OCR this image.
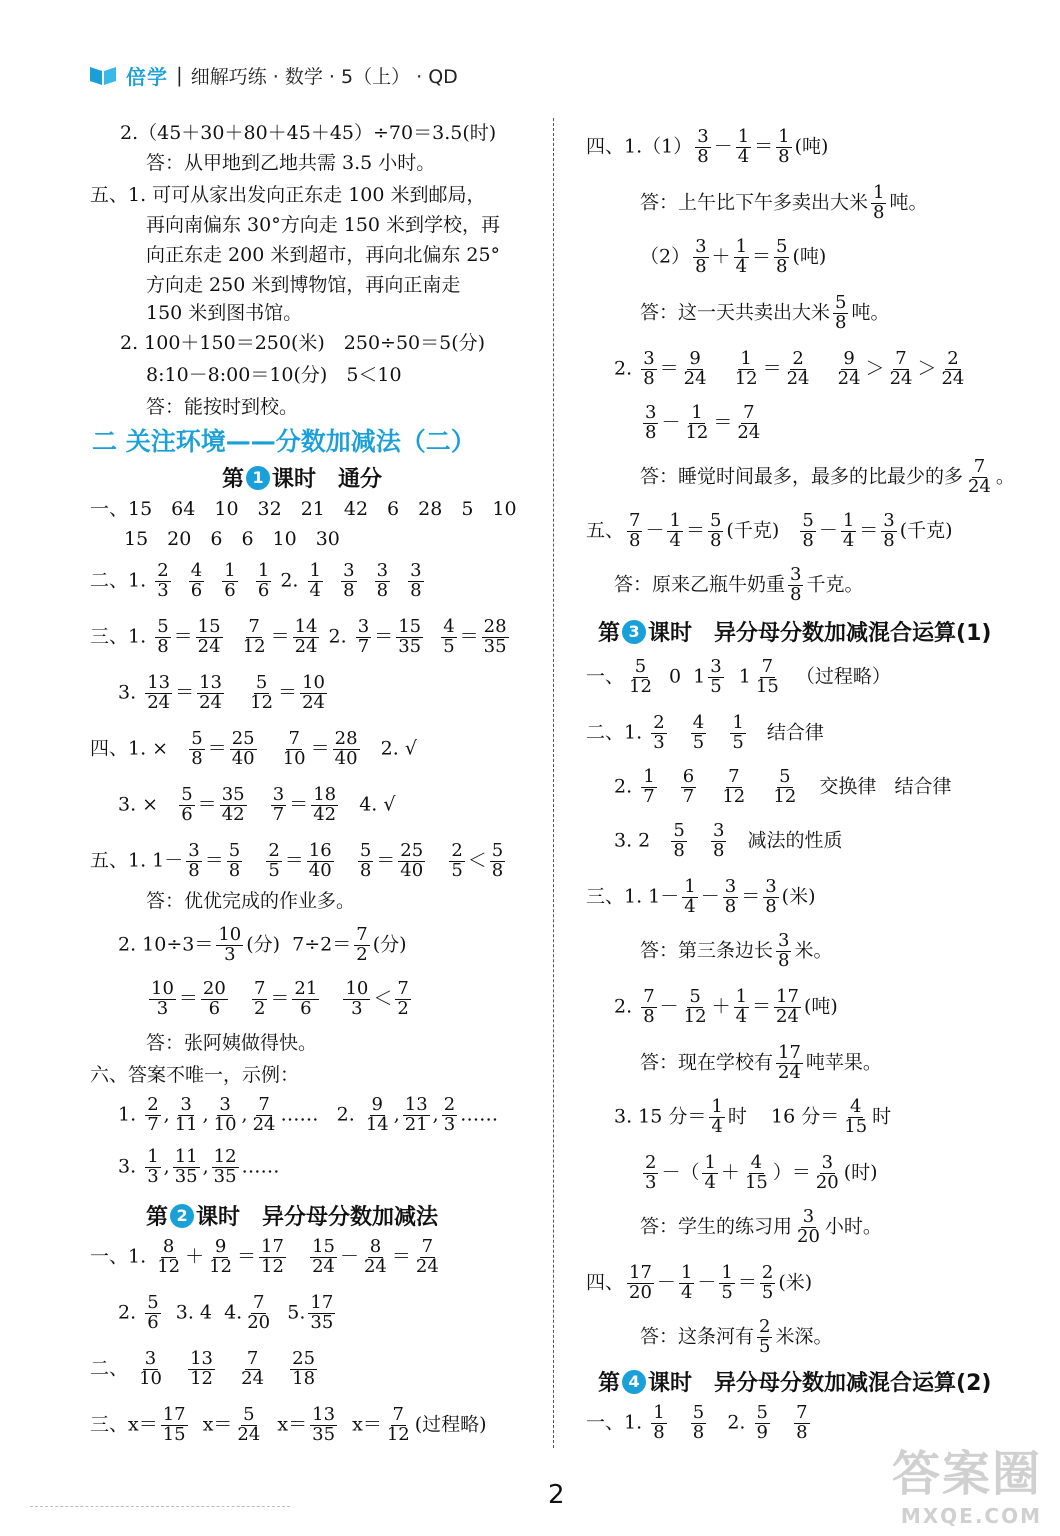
倍学 | 细解巧练 · 数学 · 5（上） · QD
2.（45＋30＋80＋45＋45）÷70＝3.5(时)
答：从甲地到乙地共需 3.5 小时。
五、1. 可可从家出发向正东走 100 米到邮局，
再向南偏东 30°方向走 150 米到学校，再
向正东走 200 米到超市，再向北偏东 25°
方向走 250 米到博物馆，再向正南走
150 米到图书馆。
2. 100＋150＝250(米)　250÷50＝5(分)
8:10－8:00＝10(分)　5＜10
答：能按时到校。
二 关注环境——分数加减法（二）
第 1 课时　通分
一、15　64　10　32　21　42　6　28　5　10
15　20　6　6　10　30
二、1. $\frac{2}{3}$
$\frac{4}{6}$
$\frac{1}{6}$
$\frac{1}{6} 2$. $\frac{1}{4}$
$\frac{3}{8}$
$\frac{3}{8}$
$\frac{3}{8}$
三、1. $\frac{5}{8} = \frac{15}{24}$
$\frac{7}{12} = \frac{14}{24} 2$. $\frac{3}{7} = \frac{15}{35}$
$\frac{4}{5} = \frac{28}{35}$
3. $\frac{13}{24} = \frac{13}{24}$
$\frac{5}{12} = \frac{10}{24}$
四、1. × $\frac{5}{8} = \frac{25}{40}$
$\frac{7}{10} = \frac{28}{40} 2$. √
3. × $\frac{5}{6} = \frac{35}{42}$
$\frac{3}{7} = \frac{18}{42} 4$. √
五、1. $1- \frac{3}{8} = \frac{5}{8}$
$\frac{2}{5} = \frac{16}{40}$
$\frac{5}{8} = \frac{25}{40}$
$\frac{2}{5} < \frac{5}{8}$
答：优优完成的作业多。
2. $10\div 3= \frac{10}{3}$ (分)  $7\div 2= \frac{7}{2}$ (分)
$\frac{10}{3} = \frac{20}{6}$
$\frac{7}{2} = \frac{21}{6}$
$\frac{10}{3} < \frac{7}{2}$
答：张阿姨做得快。
六、答案不唯一，示例：
1. $\frac{2}{7}$ , $\frac{3}{11}$ , $\frac{3}{10}$ , $\frac{7}{24}$ …… 2. $\frac{9}{14}$ , $\frac{13}{21}$ , $\frac{2}{3}$ ……
3. $\frac{1}{3}$ , $\frac{11}{35}$ , $\frac{12}{35}$ ……
第 2 课时　异分母分数加减法
一、1. $\frac{8}{12} + \frac{9}{12} = \frac{17}{12}$
$\frac{15}{24} - \frac{8}{24} = \frac{7}{24}$
2. $\frac{5}{6} 3$. 4 4. $\frac{7}{20} 5$. $\frac{17}{35}$
二、 $\frac{3}{10}$
$\frac{13}{12}$
$\frac{7}{24}$
$\frac{25}{18}$
三、$x= \frac{17}{15} x= \frac{5}{24} x= \frac{13}{35} x= \frac{7}{12}$ (过程略)
四、$1.(1) \frac{3}{8} - \frac{1}{4} = \frac{1}{8}$ (吨)
答：上午比下午多卖出大米 $\frac{1}{8}$ 吨。
$(2) \frac{3}{8} + \frac{1}{4} = \frac{5}{8}$ (吨)
答：这一天共卖出大米 $\frac{5}{8}$ 吨。
2. $\frac{3}{8} = \frac{9}{24}$
$\frac{1}{12} = \frac{2}{24}$
$\frac{9}{24} > \frac{7}{24} > \frac{2}{24}$
$\frac{3}{8} - \frac{1}{12} = \frac{7}{24}$
答：睡觉时间最多，最多的比最少的多 $\frac{7}{24}$ 。
五、 $\frac{7}{8} - \frac{1}{4} = \frac{5}{8}$ (千克) $\frac{5}{8} - \frac{1}{4} = \frac{3}{8}$ (千克)
答：原来乙瓶牛奶重 $\frac{3}{8}$ 千克。
第 3 课时　异分母分数加减混合运算(1)
一、 $\frac{5}{12} 0$  $1 \frac{3}{5} 1 \frac{7}{15}$ （过程略）
二、1. $\frac{2}{3}$
$\frac{4}{5}$
$\frac{1}{5}$ 结合律
2. $\frac{1}{7}$
$\frac{6}{7}$
$\frac{7}{12}$
$\frac{5}{12}$ 交换律 结合律
3. $2 \frac{5}{8}$
$\frac{3}{8}$ 减法的性质
三、1. $1- \frac{1}{4} - \frac{3}{8} = \frac{3}{8}$ (米)
答：第三条边长 $\frac{3}{8}$ 米。
2. $\frac{7}{8} - \frac{5}{12} + \frac{1}{4} = \frac{17}{24}$ (吨)
答：现在学校有 $\frac{17}{24}$ 吨苹果。
3. 15 分＝ $\frac{1}{4}$ 时 16 分＝ $\frac{4}{15}$ 时
$\frac{2}{3}$ －（ $\frac{1}{4} + \frac{4}{15}$ ）＝ $\frac{3}{20}$ (时)
答：学生的练习用 $\frac{3}{20}$ 小时。
四、 $\frac{17}{20} - \frac{1}{4} - \frac{1}{5} = \frac{2}{5}$ (米)
答：这条河有 $\frac{2}{5}$ 米深。
第 4 课时　异分母分数加减混合运算(2)
一、1. $\frac{1}{8}$
$\frac{5}{8} 2$. $\frac{5}{9}$
$\frac{7}{8}$
2	答案圈
MXQE.COM
